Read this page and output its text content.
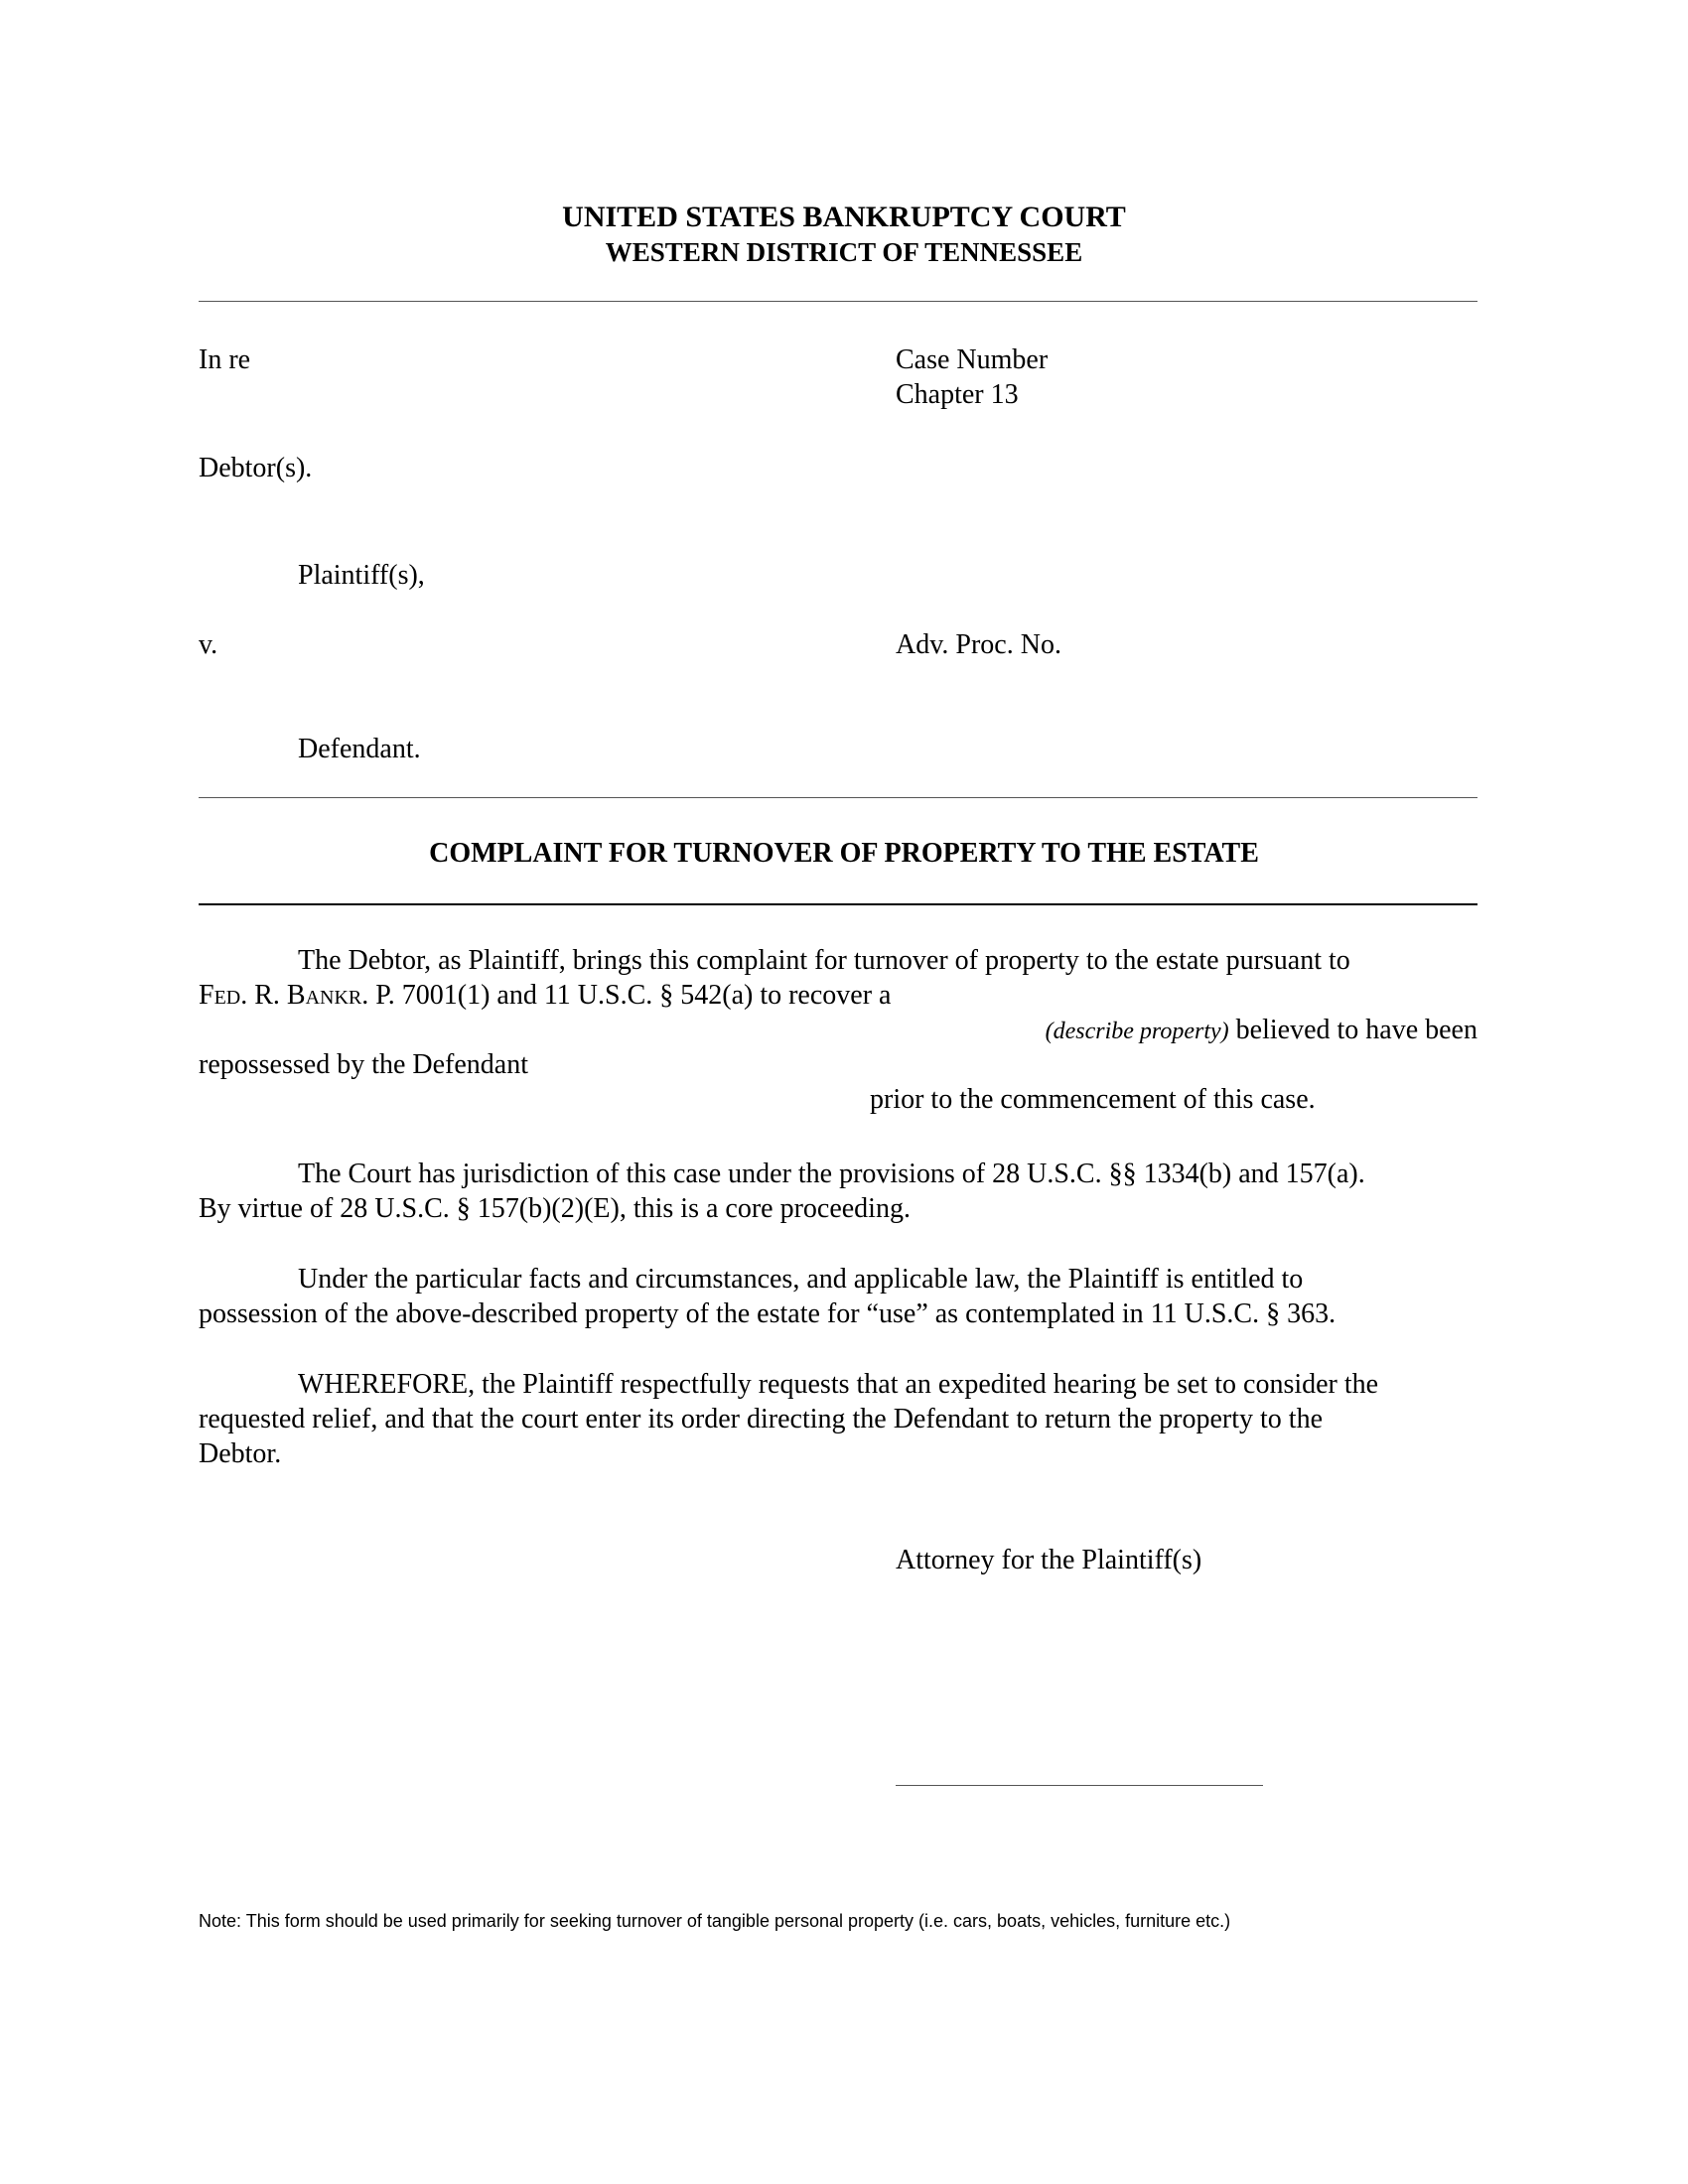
UNITED STATES BANKRUPTCY COURT
WESTERN DISTRICT OF TENNESSEE
In re	Case Number
Chapter 13
Debtor(s).
Plaintiff(s),
v.	Adv. Proc. No.
Defendant.
COMPLAINT FOR TURNOVER OF PROPERTY TO THE ESTATE
The Debtor, as Plaintiff, brings this complaint for turnover of property to the estate pursuant to
Fed. R. Bankr. P. 7001(1) and 11 U.S.C. § 542(a) to recover a
(describe property) believed to have been
repossessed by the Defendant
prior to the commencement of this case.
The Court has jurisdiction of this case under the provisions of 28 U.S.C. §§ 1334(b) and 157(a).
By virtue of 28 U.S.C. § 157(b)(2)(E), this is a core proceeding.
Under the particular facts and circumstances, and applicable law, the Plaintiff is entitled to
possession of the above-described property of the estate for “use” as contemplated in 11 U.S.C. § 363.
WHEREFORE, the Plaintiff respectfully requests that an expedited hearing be set to consider the
requested relief, and that the court enter its order directing the Defendant to return the property to the
Debtor.
Attorney for the Plaintiff(s)
Note: This form should be used primarily for seeking turnover of tangible personal property (i.e. cars, boats, vehicles, furniture etc.)
